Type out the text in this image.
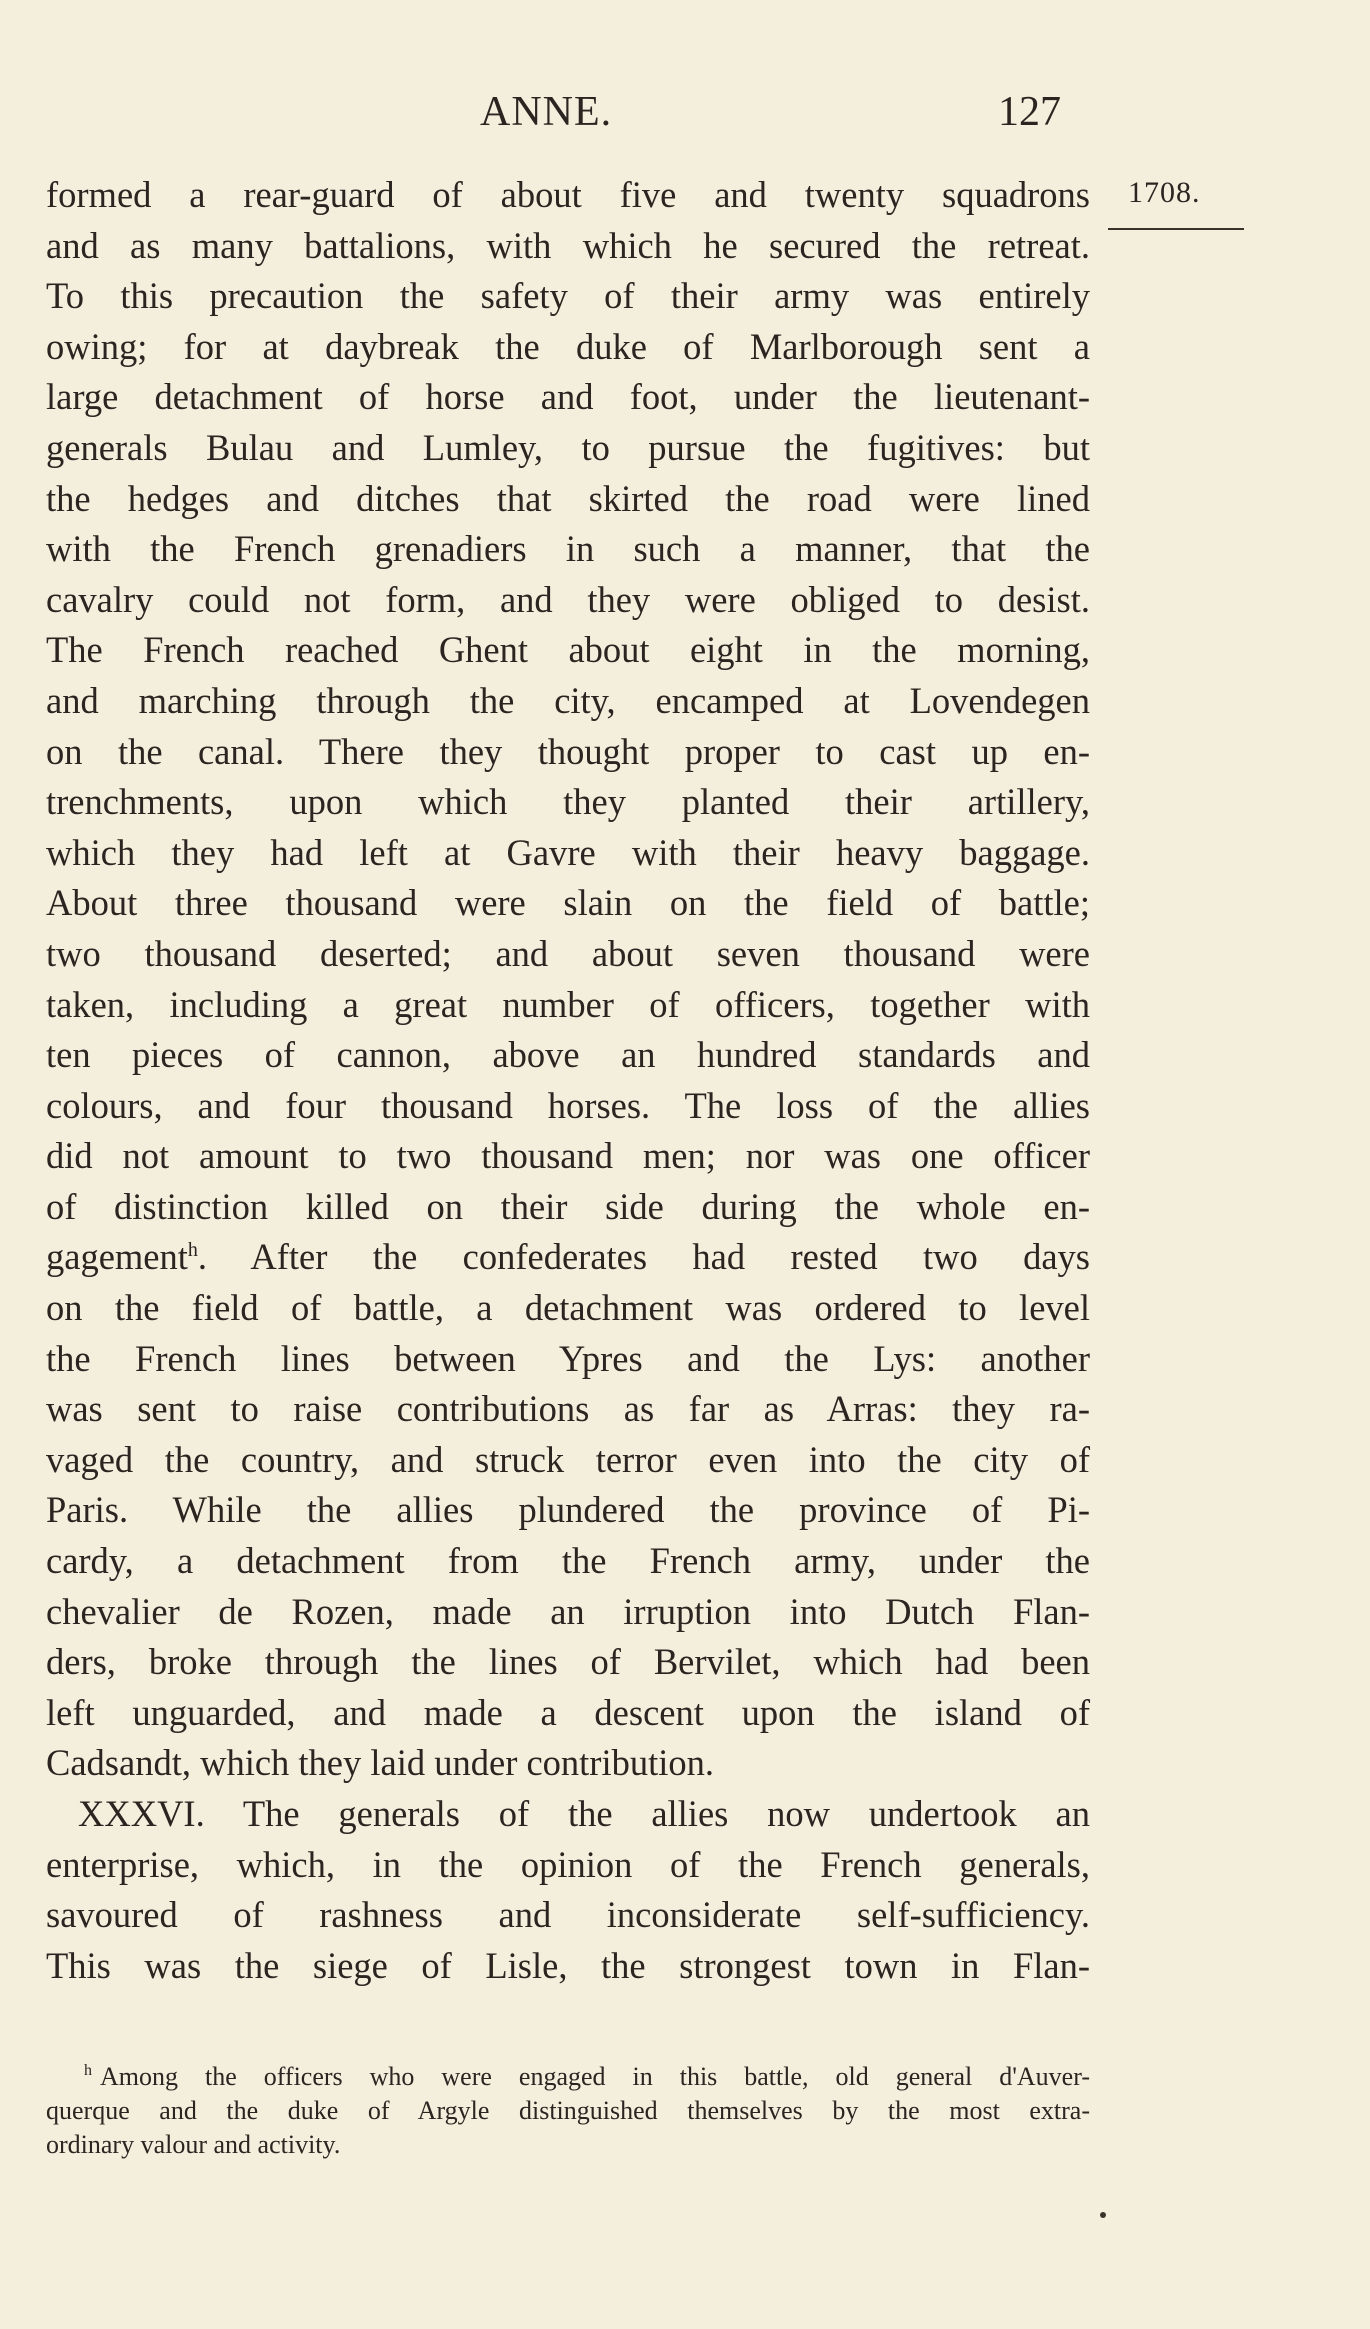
ANNE.	127
1708.
formed a rear-guard of about five and twenty squadrons
and as many battalions, with which he secured the retreat.
To this precaution the safety of their army was entirely
owing; for at daybreak the duke of Marlborough sent a
large detachment of horse and foot, under the lieutenant-
generals Bulau and Lumley, to pursue the fugitives: but
the hedges and ditches that skirted the road were lined
with the French grenadiers in such a manner, that the
cavalry could not form, and they were obliged to desist.
The French reached Ghent about eight in the morning,
and marching through the city, encamped at Lovendegen
on the canal. There they thought proper to cast up en-
trenchments, upon which they planted their artillery,
which they had left at Gavre with their heavy baggage.
About three thousand were slain on the field of battle;
two thousand deserted; and about seven thousand were
taken, including a great number of officers, together with
ten pieces of cannon, above an hundred standards and
colours, and four thousand horses. The loss of the allies
did not amount to two thousand men; nor was one officer
of distinction killed on their side during the whole en-
gagement$^h$. After the confederates had rested two days
on the field of battle, a detachment was ordered to level
the French lines between Ypres and the Lys: another
was sent to raise contributions as far as Arras: they ra-
vaged the country, and struck terror even into the city of
Paris. While the allies plundered the province of Pi-
cardy, a detachment from the French army, under the
chevalier de Rozen, made an irruption into Dutch Flan-
ders, broke through the lines of Bervilet, which had been
left unguarded, and made a descent upon the island of
Cadsandt, which they laid under contribution.
XXXVI. The generals of the allies now undertook an
enterprise, which, in the opinion of the French generals,
savoured of rashness and inconsiderate self-sufficiency.
This was the siege of Lisle, the strongest town in Flan-
$^h$ Among the officers who were engaged in this battle, old general d'Auver-
querque and the duke of Argyle distinguished themselves by the most extra-
ordinary valour and activity.
